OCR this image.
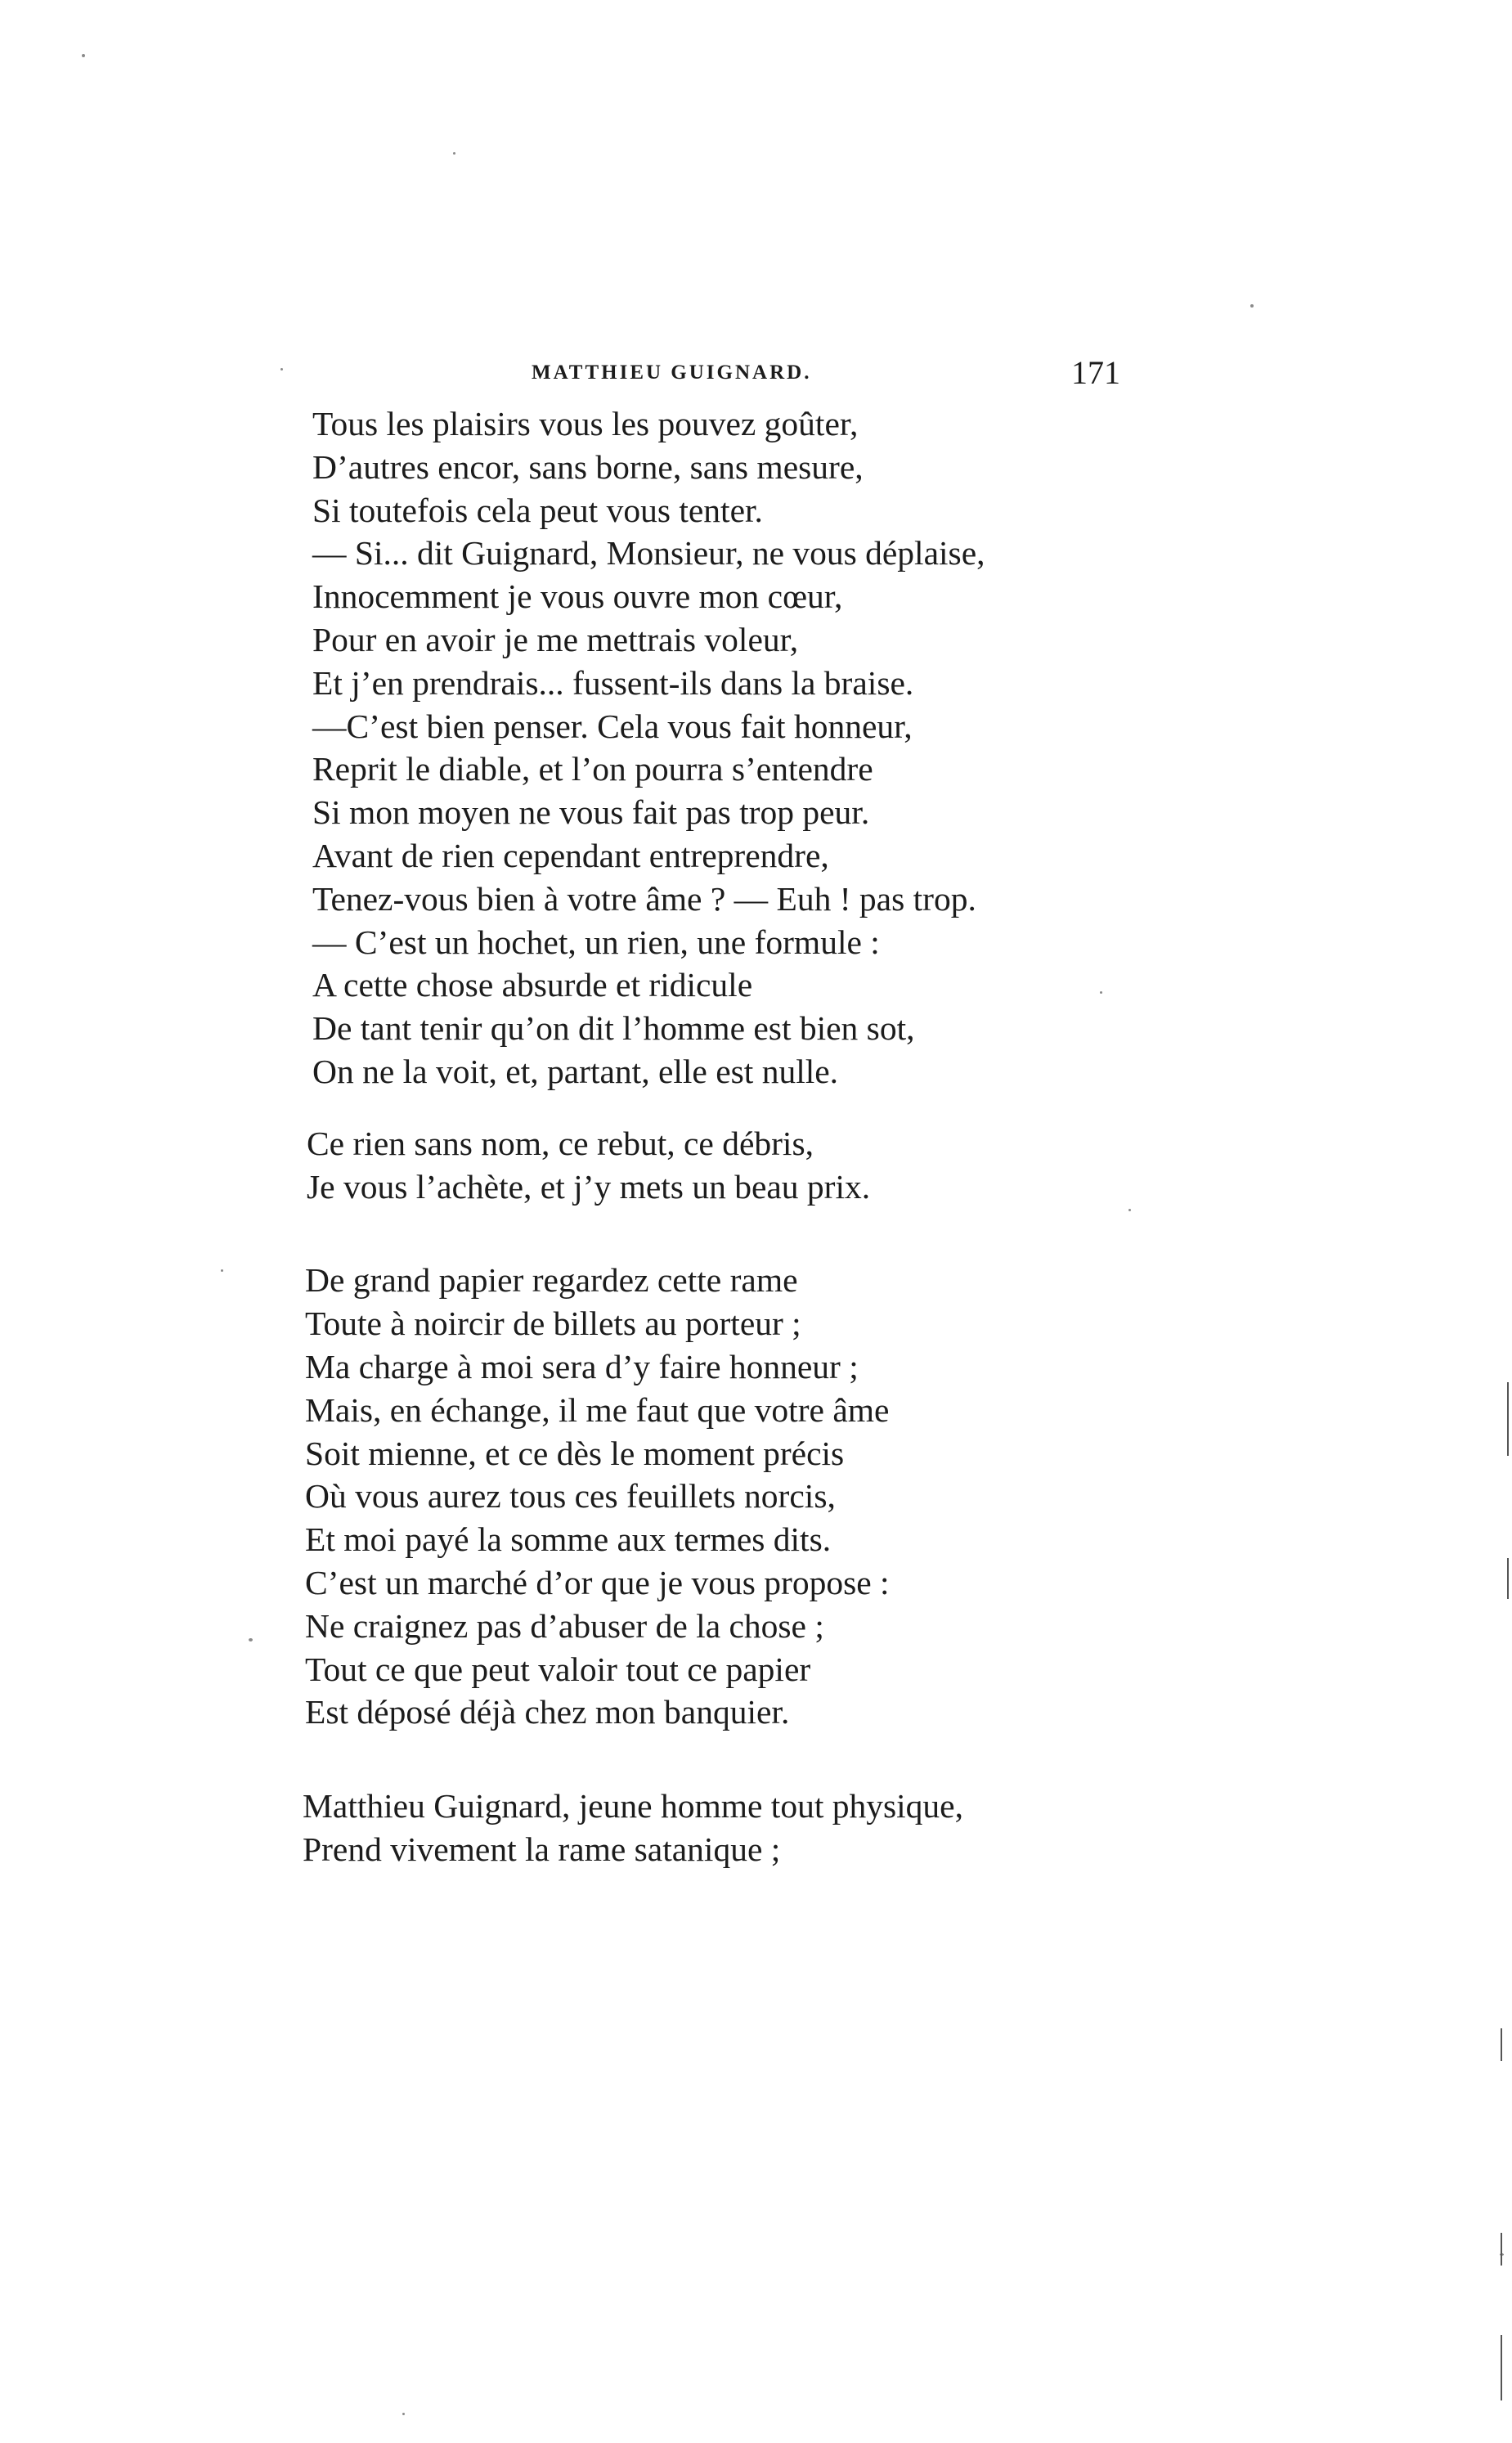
MATTHIEU GUIGNARD.	171
Tous les plaisirs vous les pouvez goûter,
D’autres encor, sans borne, sans mesure,
Si toutefois cela peut vous tenter.
— Si... dit Guignard, Monsieur, ne vous déplaise,
Innocemment je vous ouvre mon cœur,
Pour en avoir je me mettrais voleur,
Et j’en prendrais... fussent-ils dans la braise.
—C’est bien penser. Cela vous fait honneur,
Reprit le diable, et l’on pourra s’entendre
Si mon moyen ne vous fait pas trop peur.
Avant de rien cependant entreprendre,
Tenez-vous bien à votre âme ? — Euh ! pas trop.
— C’est un hochet, un rien, une formule :
A cette chose absurde et ridicule
De tant tenir qu’on dit l’homme est bien sot,
On ne la voit, et, partant, elle est nulle.
Ce rien sans nom, ce rebut, ce débris,
Je vous l’achète, et j’y mets un beau prix.
De grand papier regardez cette rame
Toute à noircir de billets au porteur ;
Ma charge à moi sera d’y faire honneur ;
Mais, en échange, il me faut que votre âme
Soit mienne, et ce dès le moment précis
Où vous aurez tous ces feuillets norcis,
Et moi payé la somme aux termes dits.
C’est un marché d’or que je vous propose :
Ne craignez pas d’abuser de la chose ;
Tout ce que peut valoir tout ce papier
Est déposé déjà chez mon banquier.
Matthieu Guignard, jeune homme tout physique,
Prend vivement la rame satanique ;
